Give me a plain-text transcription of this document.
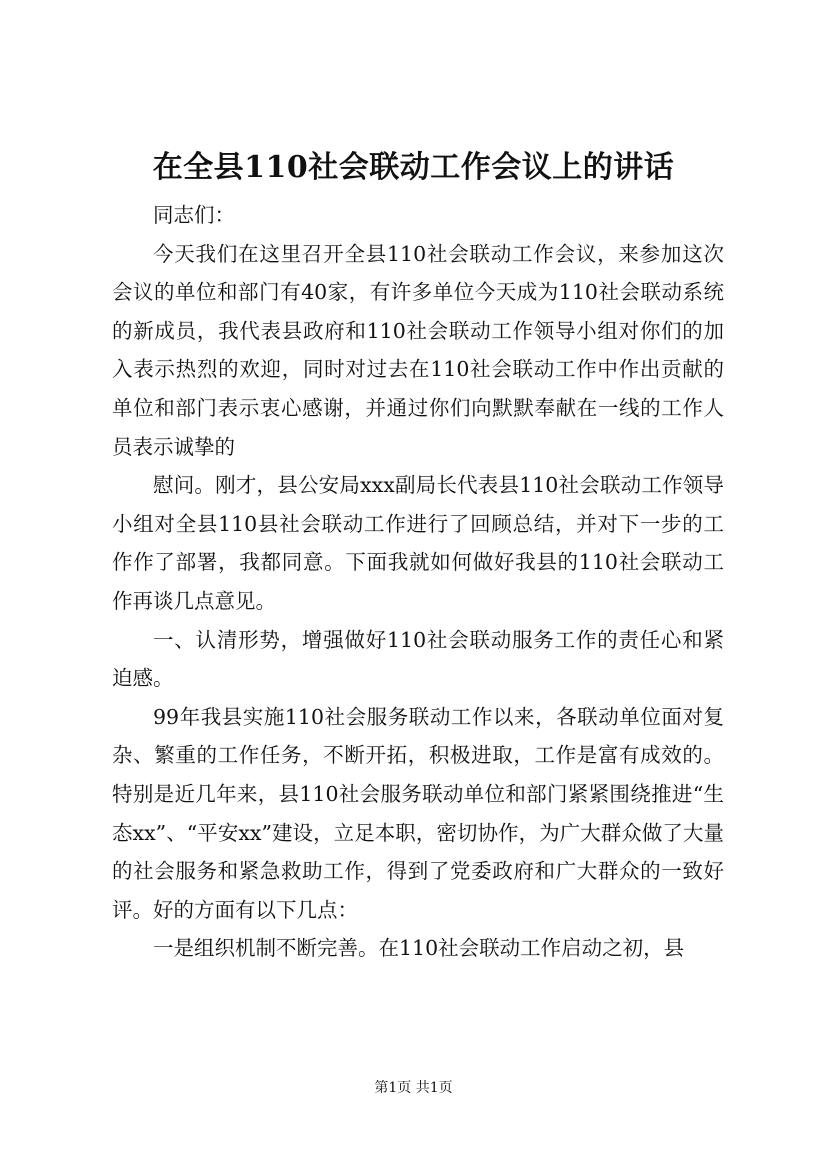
在全县110社会联动工作会议上的讲话

同志们：

今天我们在这里召开全县110社会联动工作会议，来参加这次会议的单位和部门有40家，有许多单位今天成为110社会联动系统的新成员，我代表县政府和110社会联动工作领导小组对你们的加入表示热烈的欢迎，同时对过去在110社会联动工作中作出贡献的单位和部门表示衷心感谢，并通过你们向默默奉献在一线的工作人员表示诚挚的

慰问。刚才，县公安局xxx副局长代表县110社会联动工作领导小组对全县110县社会联动工作进行了回顾总结，并对下一步的工作作了部署，我都同意。下面我就如何做好我县的110社会联动工作再谈几点意见。

一、认清形势，增强做好110社会联动服务工作的责任心和紧迫感。

99年我县实施110社会服务联动工作以来，各联动单位面对复杂、繁重的工作任务，不断开拓，积极进取，工作是富有成效的。特别是近几年来，县110社会服务联动单位和部门紧紧围绕推进“生态xx”、“平安xx”建设，立足本职，密切协作，为广大群众做了大量的社会服务和紧急救助工作，得到了党委政府和广大群众的一致好评。好的方面有以下几点：

一是组织机制不断完善。在110社会联动工作启动之初，县

第1页 共1页
